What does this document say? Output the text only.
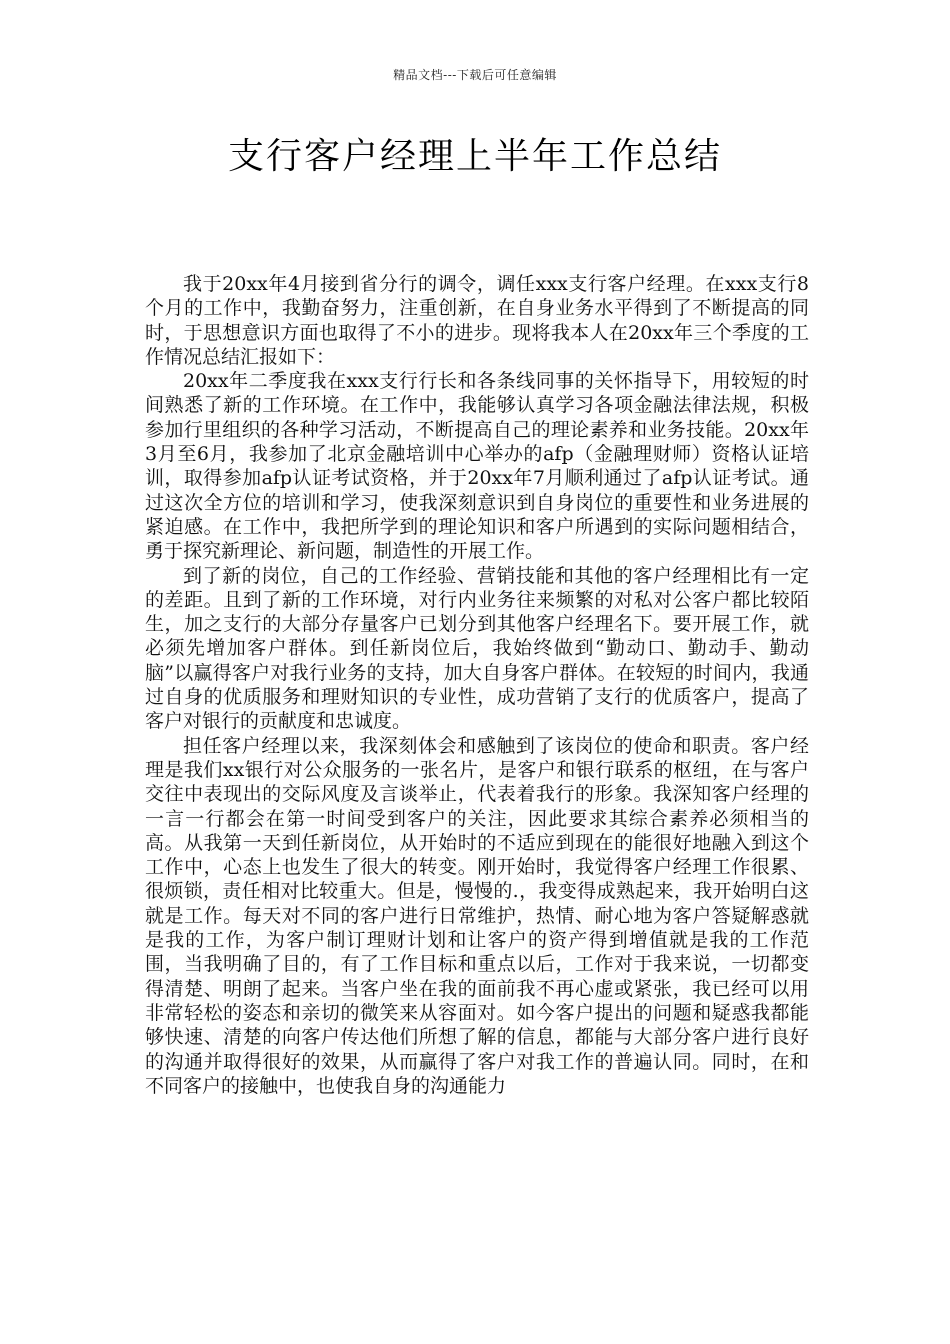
精品文档---下载后可任意编辑
支行客户经理上半年工作总结

我于20xx年4月接到省分行的调令，调任xxx支行客户经理。在xxx支行8个月的工作中，我勤奋努力，注重创新，在自身业务水平得到了不断提高的同时，于思想意识方面也取得了不小的进步。现将我本人在20xx年三个季度的工作情况总结汇报如下：

20xx年二季度我在xxx支行行长和各条线同事的关怀指导下，用较短的时间熟悉了新的工作环境。在工作中，我能够认真学习各项金融法律法规，积极参加行里组织的各种学习活动，不断提高自己的理论素养和业务技能。20xx年3月至6月，我参加了北京金融培训中心举办的afp（金融理财师）资格认证培训，取得参加afp认证考试资格，并于20xx年7月顺利通过了afp认证考试。通过这次全方位的培训和学习，使我深刻意识到自身岗位的重要性和业务进展的紧迫感。在工作中，我把所学到的理论知识和客户所遇到的实际问题相结合，勇于探究新理论、新问题，制造性的开展工作。

到了新的岗位，自己的工作经验、营销技能和其他的客户经理相比有一定的差距。且到了新的工作环境，对行内业务往来频繁的对私对公客户都比较陌生，加之支行的大部分存量客户已划分到其他客户经理名下。要开展工作，就必须先增加客户群体。到任新岗位后，我始终做到“勤动口、勤动手、勤动脑”以赢得客户对我行业务的支持，加大自身客户群体。在较短的时间内，我通过自身的优质服务和理财知识的专业性，成功营销了支行的优质客户，提高了客户对银行的贡献度和忠诚度。

担任客户经理以来，我深刻体会和感触到了该岗位的使命和职责。客户经理是我们xx银行对公众服务的一张名片，是客户和银行联系的枢纽，在与客户交往中表现出的交际风度及言谈举止，代表着我行的形象。我深知客户经理的一言一行都会在第一时间受到客户的关注，因此要求其综合素养必须相当的高。从我第一天到任新岗位，从开始时的不适应到现在的能很好地融入到这个工作中，心态上也发生了很大的转变。刚开始时，我觉得客户经理工作很累、很烦锁，责任相对比较重大。但是，慢慢的.，我变得成熟起来，我开始明白这就是工作。每天对不同的客户进行日常维护，热情、耐心地为客户答疑解惑就是我的工作，为客户制订理财计划和让客户的资产得到增值就是我的工作范围，当我明确了目的，有了工作目标和重点以后，工作对于我来说，一切都变得清楚、明朗了起来。当客户坐在我的面前我不再心虚或紧张，我已经可以用非常轻松的姿态和亲切的微笑来从容面对。如今客户提出的问题和疑惑我都能够快速、清楚的向客户传达他们所想了解的信息，都能与大部分客户进行良好的沟通并取得很好的效果，从而赢得了客户对我工作的普遍认同。同时，在和不同客户的接触中，也使我自身的沟通能力
